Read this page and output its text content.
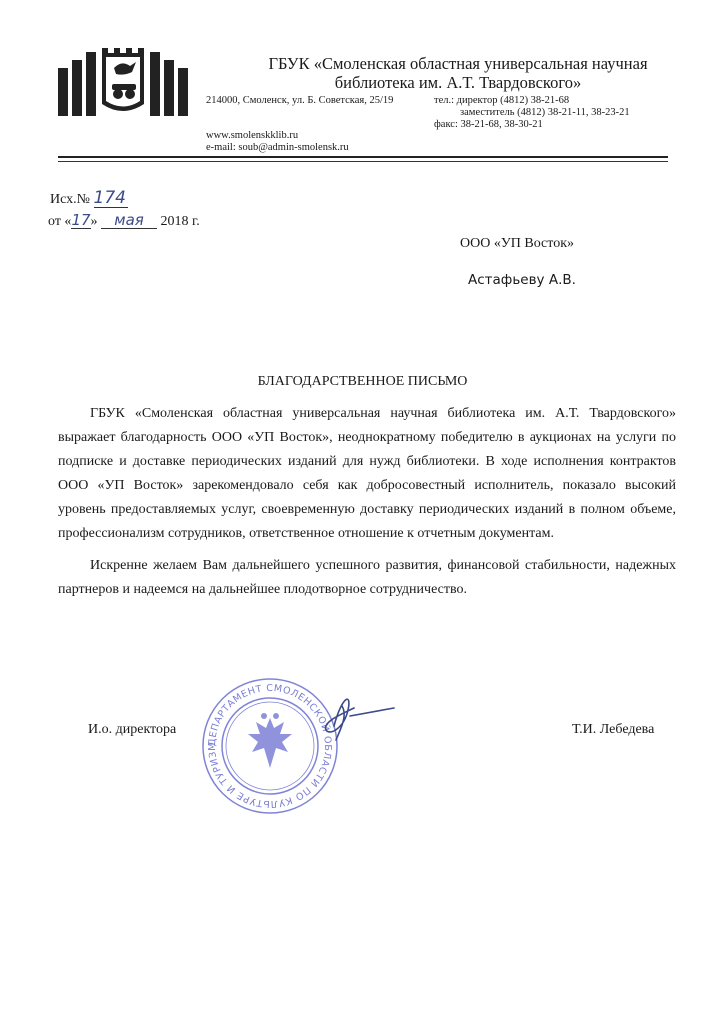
ГБУК «Смоленская областная универсальная научная
библиотека им. А.Т. Твардовского»
214000, Смоленск, ул. Б. Советская, 25/19	тел.: директор (4812) 38-21-68
заместитель (4812) 38-21-11, 38-23-21
факс: 38-21-68, 38-30-21
www.smolenskklib.ru
e-mail: soub@admin-smolensk.ru
Исх.№ 174
от «17» мая 2018 г.
ООО «УП Восток»
Астафьеву А.В.
БЛАГОДАРСТВЕННОЕ ПИСЬМО

ГБУК «Смоленская областная универсальная научная библиотека им. А.Т. Твардовского» выражает благодарность ООО «УП Восток», неоднократному победителю в аукционах на услуги по подписке и доставке периодических изданий для нужд библиотеки. В ходе исполнения контрактов ООО «УП Восток» зарекомендовало себя как добросовестный исполнитель, показало высокий уровень предоставляемых услуг, своевременную доставку периодических изданий в полном объеме, профессионализм сотрудников, ответственное отношение к отчетным документам.

Искренне желаем Вам дальнейшего успешного развития, финансовой стабильности, надежных партнеров и надеемся на дальнейшее плодотворное сотрудничество.

ДЕПАРТАМЕНТ СМОЛЕНСКОЙ ОБЛАСТИ ПО КУЛЬТУРЕ И ТУРИЗМ
И.о. директора	Т.И. Лебедева
